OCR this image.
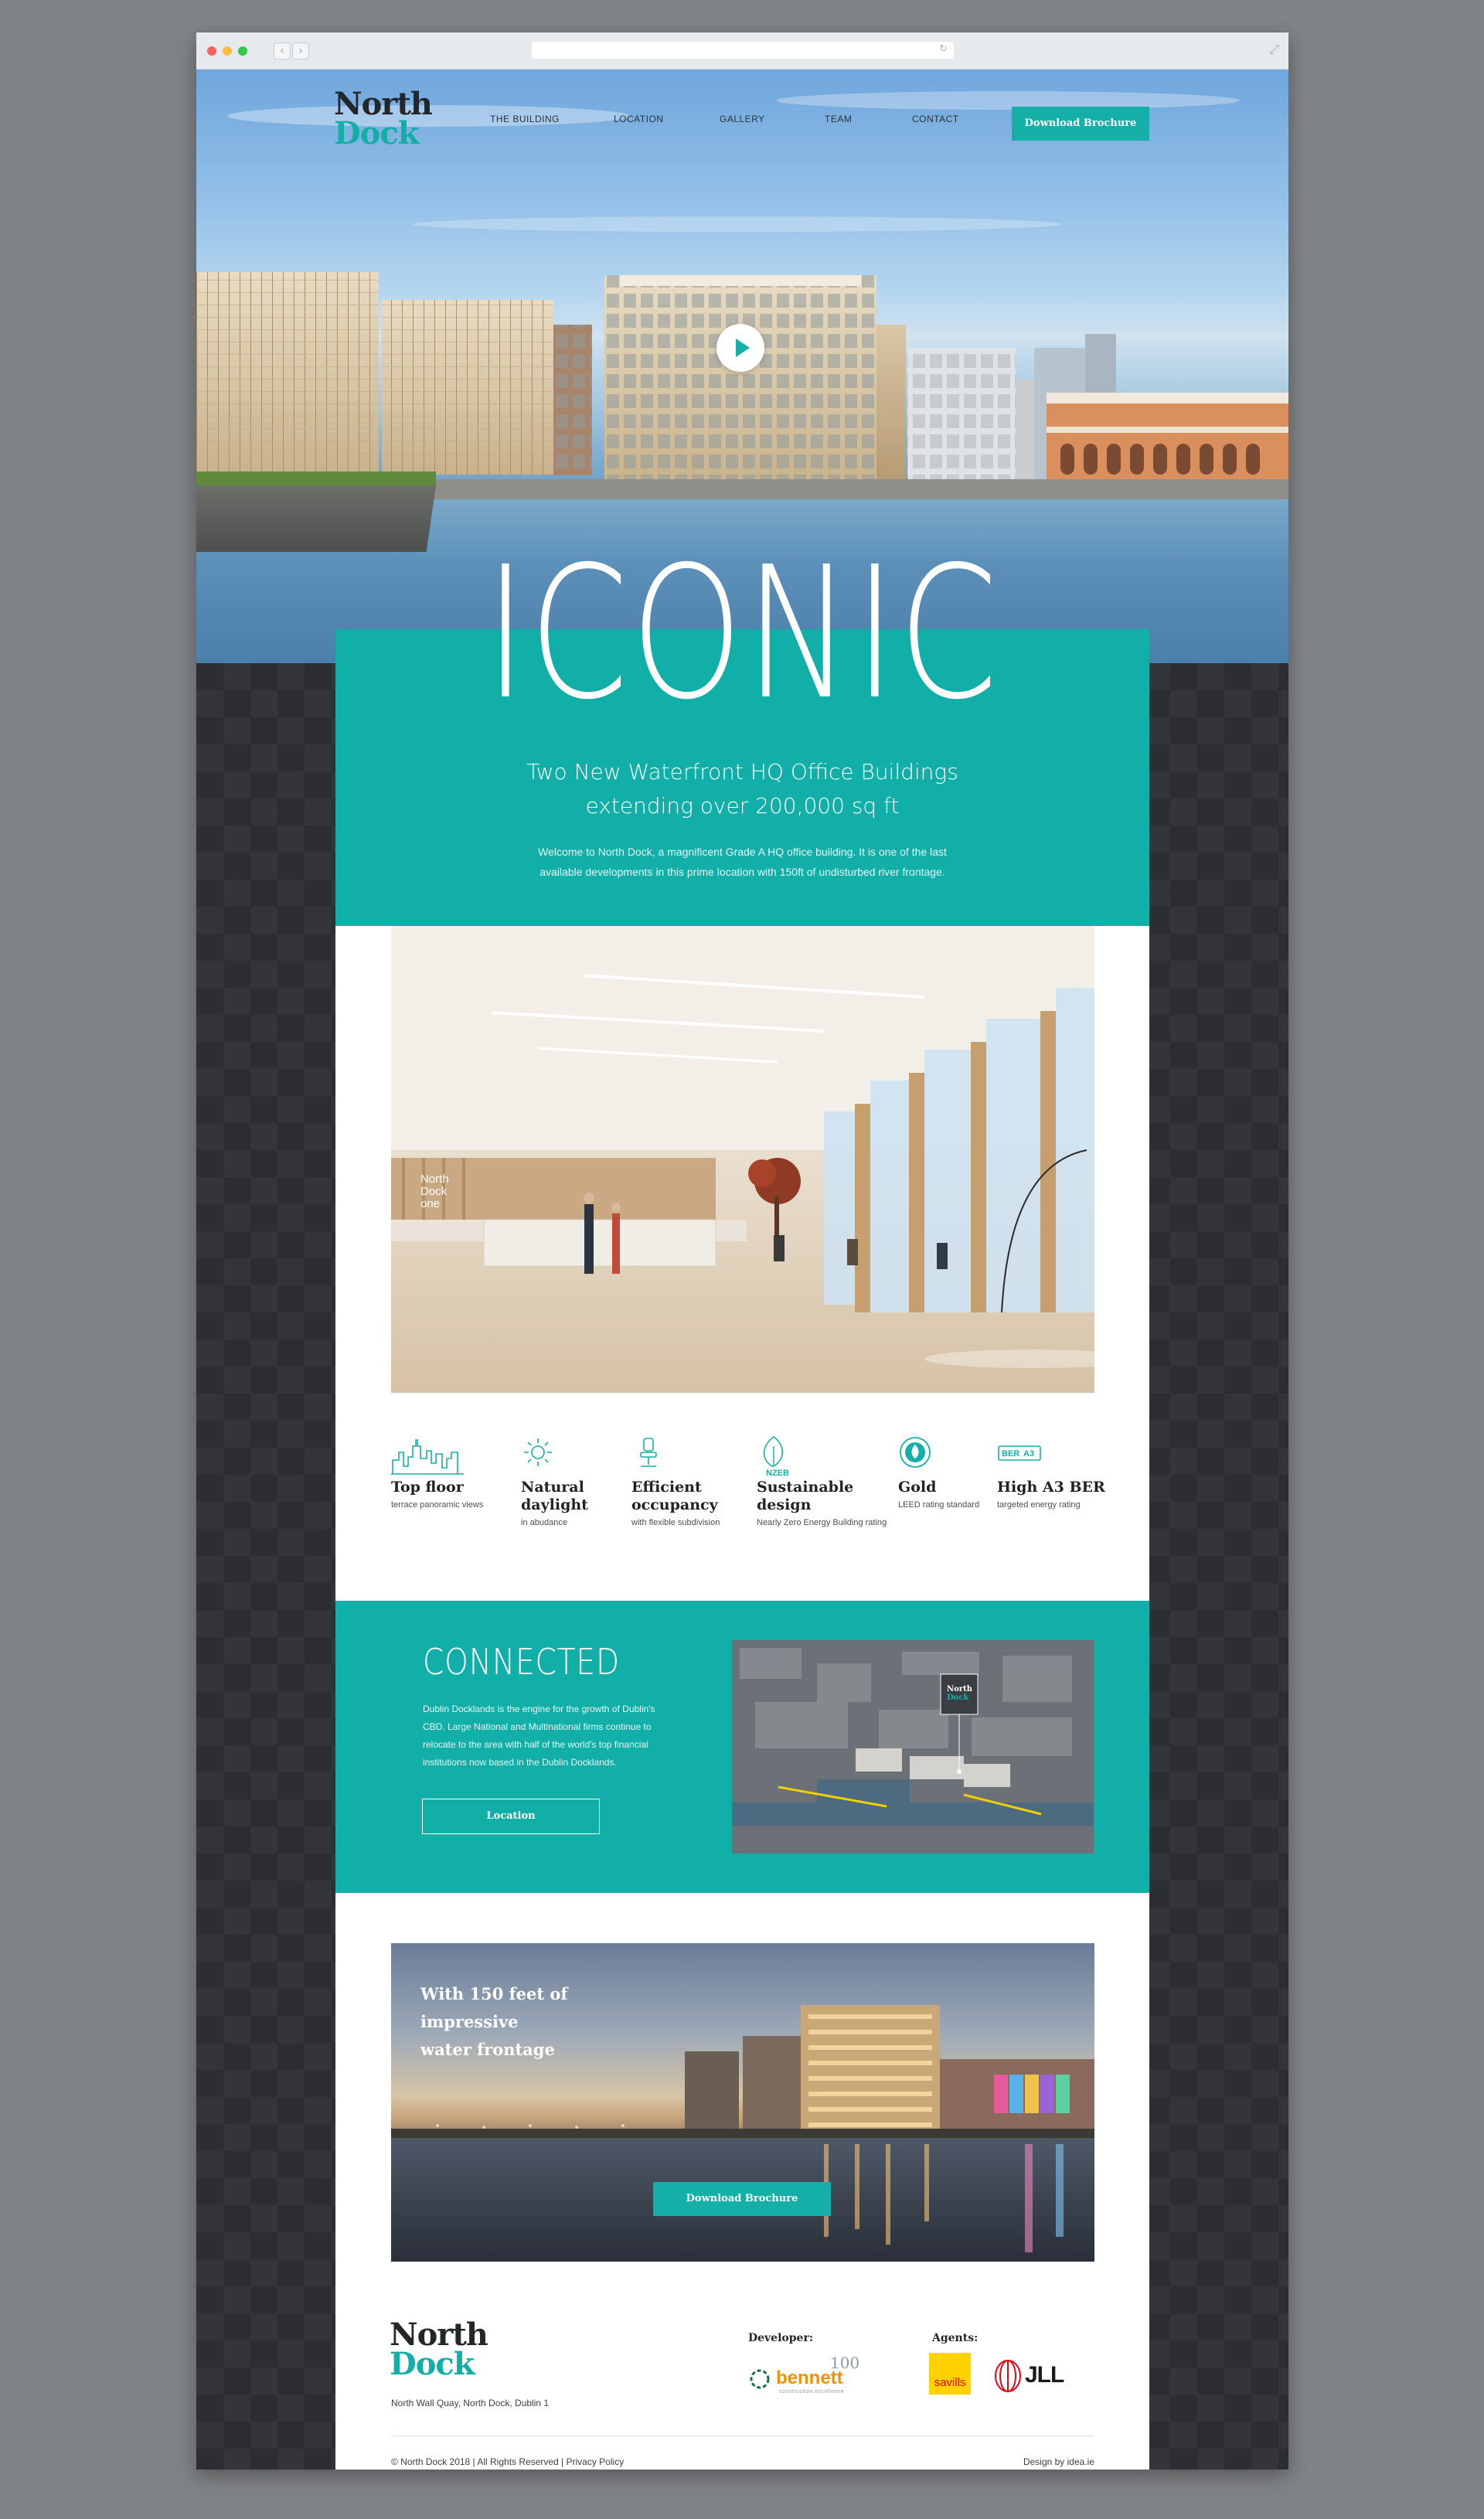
‹	›	↻	⤢
North
Dock	THE BUILDING	LOCATION	GALLERY	TEAM	CONTACT	Download Brochure
ICONIC
Two New Waterfront HQ Office Buildings
extending over 200,000 sq ft
Welcome to North Dock, a magnificent Grade A HQ office building. It is one of the last
available developments in this prime location with 150ft of undisturbed river frontage.
North
Dock
one
Top floor
terrace panoramic views
Natural
daylight
in abudance
Efficient
occupancy
with flexible subdivision
NZEB
Sustainable
design
Nearly Zero Energy Building rating
Gold
LEED rating standard
BER A3
High A3 BER
targeted energy rating
CONNECTED
Dublin Docklands is the engine for the growth of Dublin's CBD. Large National and Multinational firms continue to relocate to the area with half of the world's top financial institutions now based in the Dublin Docklands.
Location
North
Dock
With 150 feet of impressive
water frontage
Download Brochure
North
Dock
North Wall Quay, North Dock, Dublin 1
Developer:
100
bennett
construction excellence
Agents:
savills	JLL
© North Dock 2018 | All Rights Reserved | Privacy Policy	Design by idea.ie
